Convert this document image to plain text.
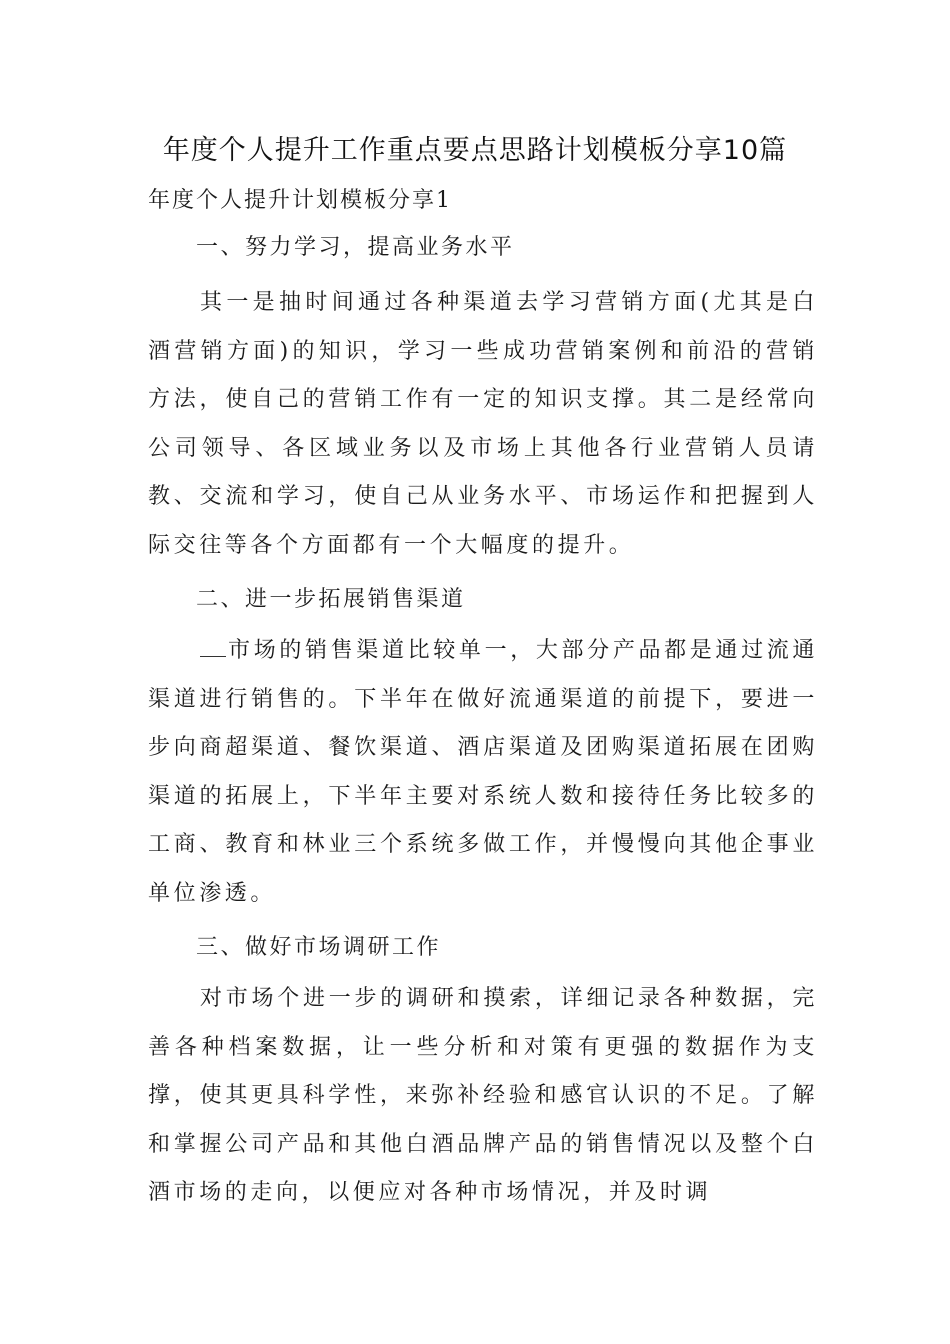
年度个人提升工作重点要点思路计划模板分享10篇
年度个人提升计划模板分享1
一、努力学习，提高业务水平

其一是抽时间通过各种渠道去学习营销方面(尤其是白酒营销方面)的知识，学习一些成功营销案例和前沿的营销方法，使自己的营销工作有一定的知识支撑。其二是经常向公司领导、各区域业务以及市场上其他各行业营销人员请教、交流和学习，使自己从业务水平、市场运作和把握到人际交往等各个方面都有一个大幅度的提升。

二、进一步拓展销售渠道

市场的销售渠道比较单一，大部分产品都是通过流通渠道进行销售的。下半年在做好流通渠道的前提下，要进一步向商超渠道、餐饮渠道、酒店渠道及团购渠道拓展在团购渠道的拓展上，下半年主要对系统人数和接待任务比较多的工商、教育和林业三个系统多做工作，并慢慢向其他企事业单位渗透。

三、做好市场调研工作

对市场个进一步的调研和摸索，详细记录各种数据，完善各种档案数据，让一些分析和对策有更强的数据作为支撑，使其更具科学性，来弥补经验和感官认识的不足。了解和掌握公司产品和其他白酒品牌产品的销售情况以及整个白酒市场的走向，以便应对各种市场情况，并及时调
